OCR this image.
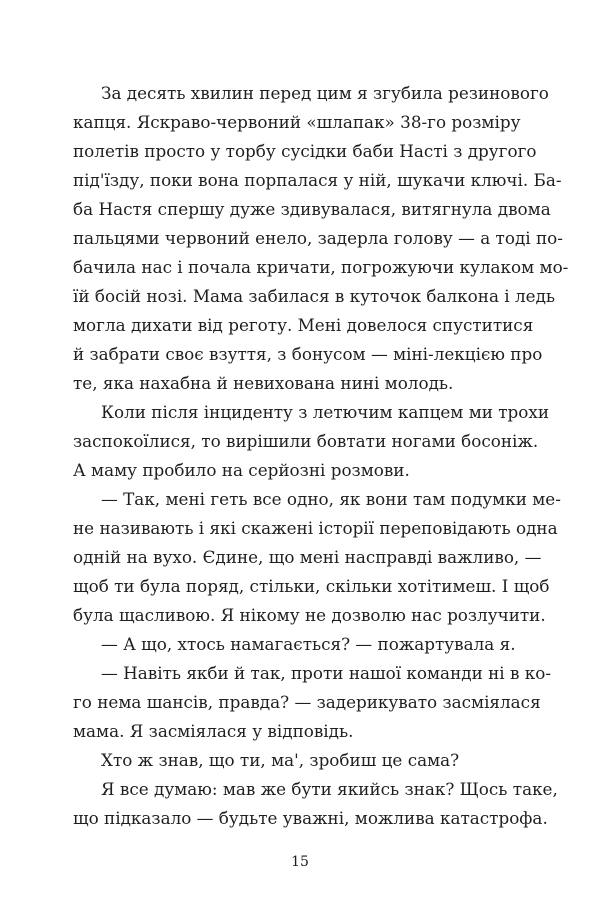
За десять хвилин перед цим я згубила резинового
капця. Яскраво-червоний «шлапак» 38-го розміру
полетів просто у торбу сусідки баби Насті з другого
під'їзду, поки вона порпалася у ній, шукачи ключі. Ба-
ба Настя спершу дуже здивувалася, витягнула двома
пальцями червоний енело, задерла голову — а тоді по-
бачила нас і почала кричати, погрожуючи кулаком мо-
їй босій нозі. Мама забилася в куточок балкона і ледь
могла дихати від реготу. Мені довелося спуститися
й забрати своє взуття, з бонусом — міні-лекцією про
те, яка нахабна й невихована нині молодь.
Коли після інциденту з летючим капцем ми трохи
заспокоїлися, то вирішили бовтати ногами босоніж.
А маму пробило на серйозні розмови.
— Так, мені геть все одно, як вони там подумки ме-
не називають і які скажені історії переповідають одна
одній на вухо. Єдине, що мені насправді важливо, —
щоб ти була поряд, стільки, скільки хотітимеш. І щоб
була щасливою. Я нікому не дозволю нас розлучити.
— А що, хтось намагається? — пожартувала я.
— Навіть якби й так, проти нашої команди ні в ко-
го нема шансів, правда? — задерикувато засміялася
мама. Я засміялася у відповідь.
Хто ж знав, що ти, ма', зробиш це сама?
Я все думаю: мав же бути якийсь знак? Щось таке,
що підказало — будьте уважні, можлива катастрофа.
15
